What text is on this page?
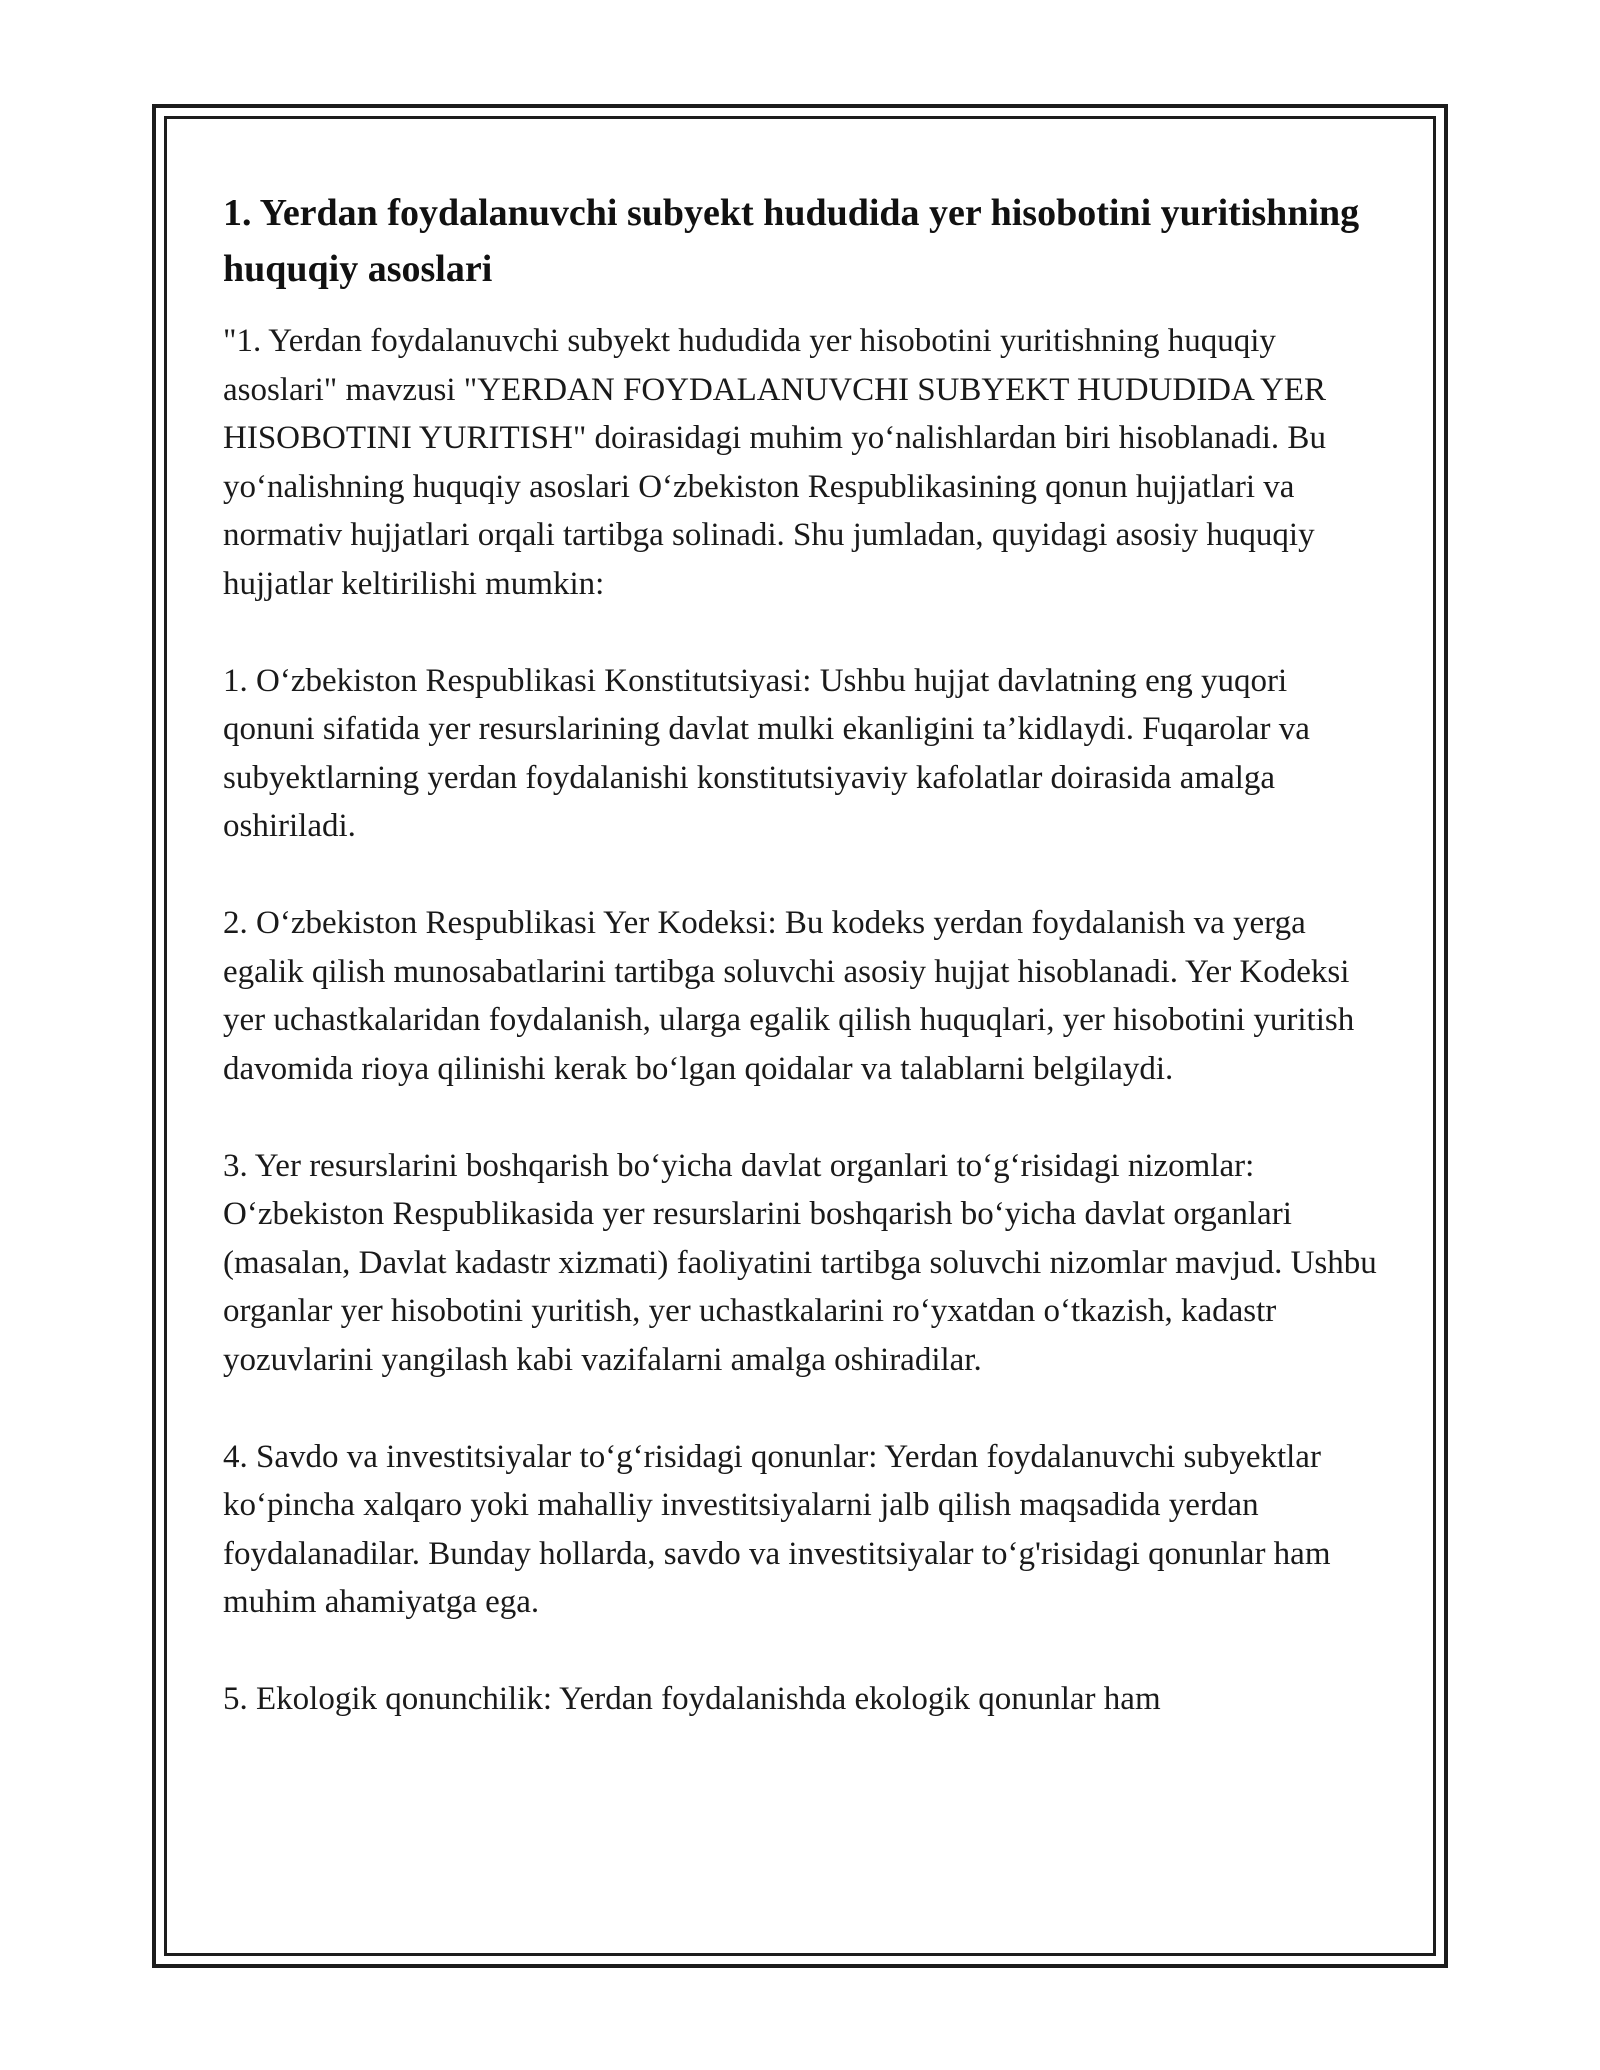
1. Yerdan foydalanuvchi subyekt hududida yer hisobotini yuritishning huquqiy asoslari

"1. Yerdan foydalanuvchi subyekt hududida yer hisobotini yuritishning huquqiy asoslari" mavzusi "YERDAN FOYDALANUVCHI SUBYEKT HUDUDIDA YER HISOBOTINI YURITISH" doirasidagi muhim yo‘nalishlardan biri hisoblanadi. Bu yo‘nalishning huquqiy asoslari O‘zbekiston Respublikasining qonun hujjatlari va normativ hujjatlari orqali tartibga solinadi. Shu jumladan, quyidagi asosiy huquqiy hujjatlar keltirilishi mumkin:

1. O‘zbekiston Respublikasi Konstitutsiyasi: Ushbu hujjat davlatning eng yuqori qonuni sifatida yer resurslarining davlat mulki ekanligini ta’kidlaydi. Fuqarolar va subyektlarning yerdan foydalanishi konstitutsiyaviy kafolatlar doirasida amalga oshiriladi.

2. O‘zbekiston Respublikasi Yer Kodeksi: Bu kodeks yerdan foydalanish va yerga egalik qilish munosabatlarini tartibga soluvchi asosiy hujjat hisoblanadi. Yer Kodeksi yer uchastkalaridan foydalanish, ularga egalik qilish huquqlari, yer hisobotini yuritish davomida rioya qilinishi kerak bo‘lgan qoidalar va talablarni belgilaydi.

3. Yer resurslarini boshqarish bo‘yicha davlat organlari to‘g‘risidagi nizomlar: O‘zbekiston Respublikasida yer resurslarini boshqarish bo‘yicha davlat organlari (masalan, Davlat kadastr xizmati) faoliyatini tartibga soluvchi nizomlar mavjud. Ushbu organlar yer hisobotini yuritish, yer uchastkalarini ro‘yxatdan o‘tkazish, kadastr yozuvlarini yangilash kabi vazifalarni amalga oshiradilar.

4. Savdo va investitsiyalar to‘g‘risidagi qonunlar: Yerdan foydalanuvchi subyektlar ko‘pincha xalqaro yoki mahalliy investitsiyalarni jalb qilish maqsadida yerdan foydalanadilar. Bunday hollarda, savdo va investitsiyalar to‘g'risidagi qonunlar ham muhim ahamiyatga ega.

5. Ekologik qonunchilik: Yerdan foydalanishda ekologik qonunlar ham
